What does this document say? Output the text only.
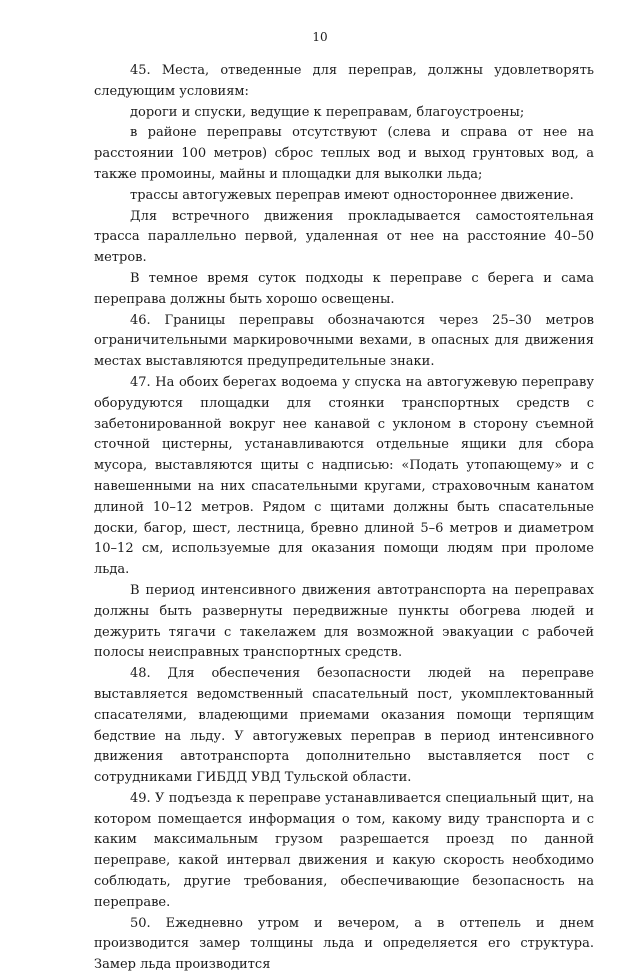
10

45. Места, отведенные для переправ, должны удовлетворять следующим условиям:

дороги и спуски, ведущие к переправам, благоустроены;

в районе переправы отсутствуют (слева и справа от нее на расстоянии 100 метров) сброс теплых вод и выход грунтовых вод, а также промоины, майны и площадки для выколки льда;

трассы автогужевых переправ имеют одностороннее движение.

Для встречного движения прокладывается самостоятельная трасса параллельно первой, удаленная от нее на расстояние 40–50 метров.

В темное время суток подходы к переправе с берега и сама переправа должны быть хорошо освещены.

46. Границы переправы обозначаются через 25–30 метров ограничительными маркировочными вехами, в опасных для движения местах выставляются предупредительные знаки.

47. На обоих берегах водоема у спуска на автогужевую переправу оборудуются площадки для стоянки транспортных средств с забетонированной вокруг нее канавой с уклоном в сторону съемной сточной цистерны, устанавливаются отдельные ящики для сбора мусора, выставляются щиты с надписью: «Подать утопающему» и с навешенными на них спасательными кругами, страховочным канатом длиной 10–12 метров. Рядом с щитами должны быть спасательные доски, багор, шест, лестница, бревно длиной 5–6 метров и диаметром 10–12 см, используемые для оказания помощи людям при проломе льда.

В период интенсивного движения автотранспорта на переправах должны быть развернуты передвижные пункты обогрева людей и дежурить тягачи с такелажем для возможной эвакуации с рабочей полосы неисправных транспортных средств.

48. Для обеспечения безопасности людей на переправе выставляется ведомственный спасательный пост, укомплектованный спасателями, владеющими приемами оказания помощи терпящим бедствие на льду. У автогужевых переправ в период интенсивного движения автотранспорта дополнительно выставляется пост с сотрудниками ГИБДД УВД Тульской области.

49. У подъезда к переправе устанавливается специальный щит, на котором помещается информация о том, какому виду транспорта и с каким максимальным грузом разрешается проезд по данной переправе, какой интервал движения и какую скорость необходимо соблюдать, другие требования, обеспечивающие безопасность на переправе.

50. Ежедневно утром и вечером, а в оттепель и днем производится замер толщины льда и определяется его структура. Замер льда производится
